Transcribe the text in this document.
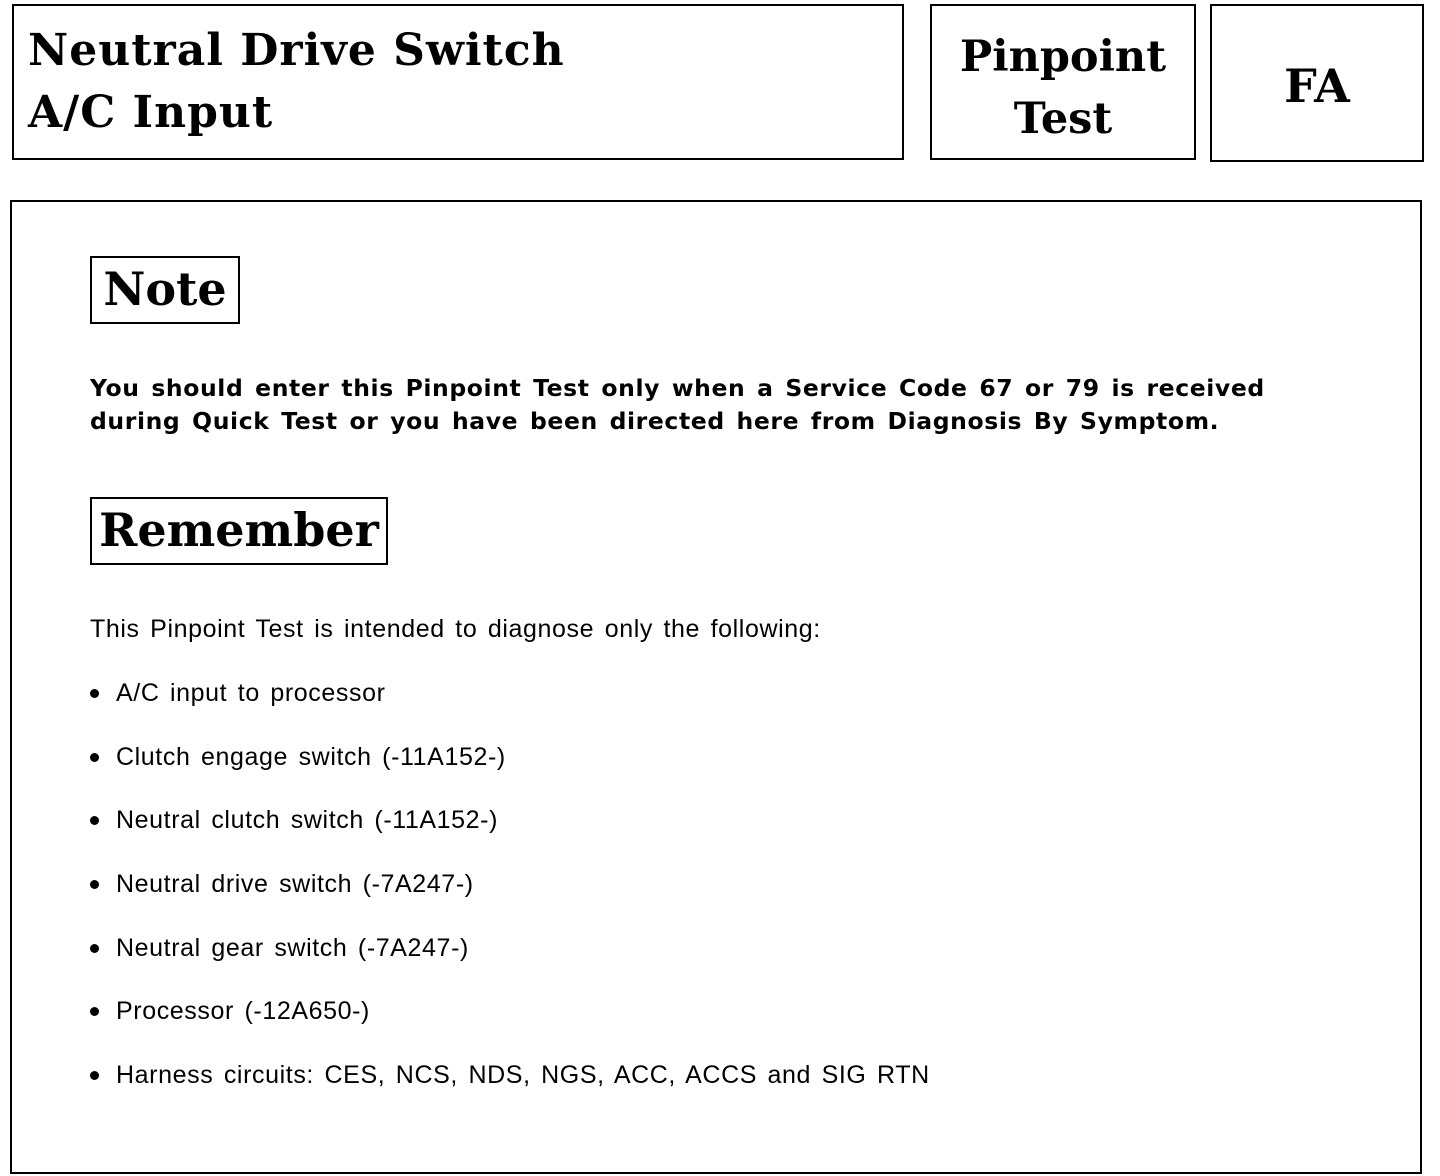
Neutral Drive Switch
A/C Input
Pinpoint
Test
FA
Note
You should enter this Pinpoint Test only when a Service Code 67 or 79 is received during Quick Test or you have been directed here from Diagnosis By Symptom.
Remember
This Pinpoint Test is intended to diagnose only the following:
A/C input to processor
Clutch engage switch (-11A152-)
Neutral clutch switch (-11A152-)
Neutral drive switch (-7A247-)
Neutral gear switch (-7A247-)
Processor (-12A650-)
Harness circuits: CES, NCS, NDS, NGS, ACC, ACCS and SIG RTN
